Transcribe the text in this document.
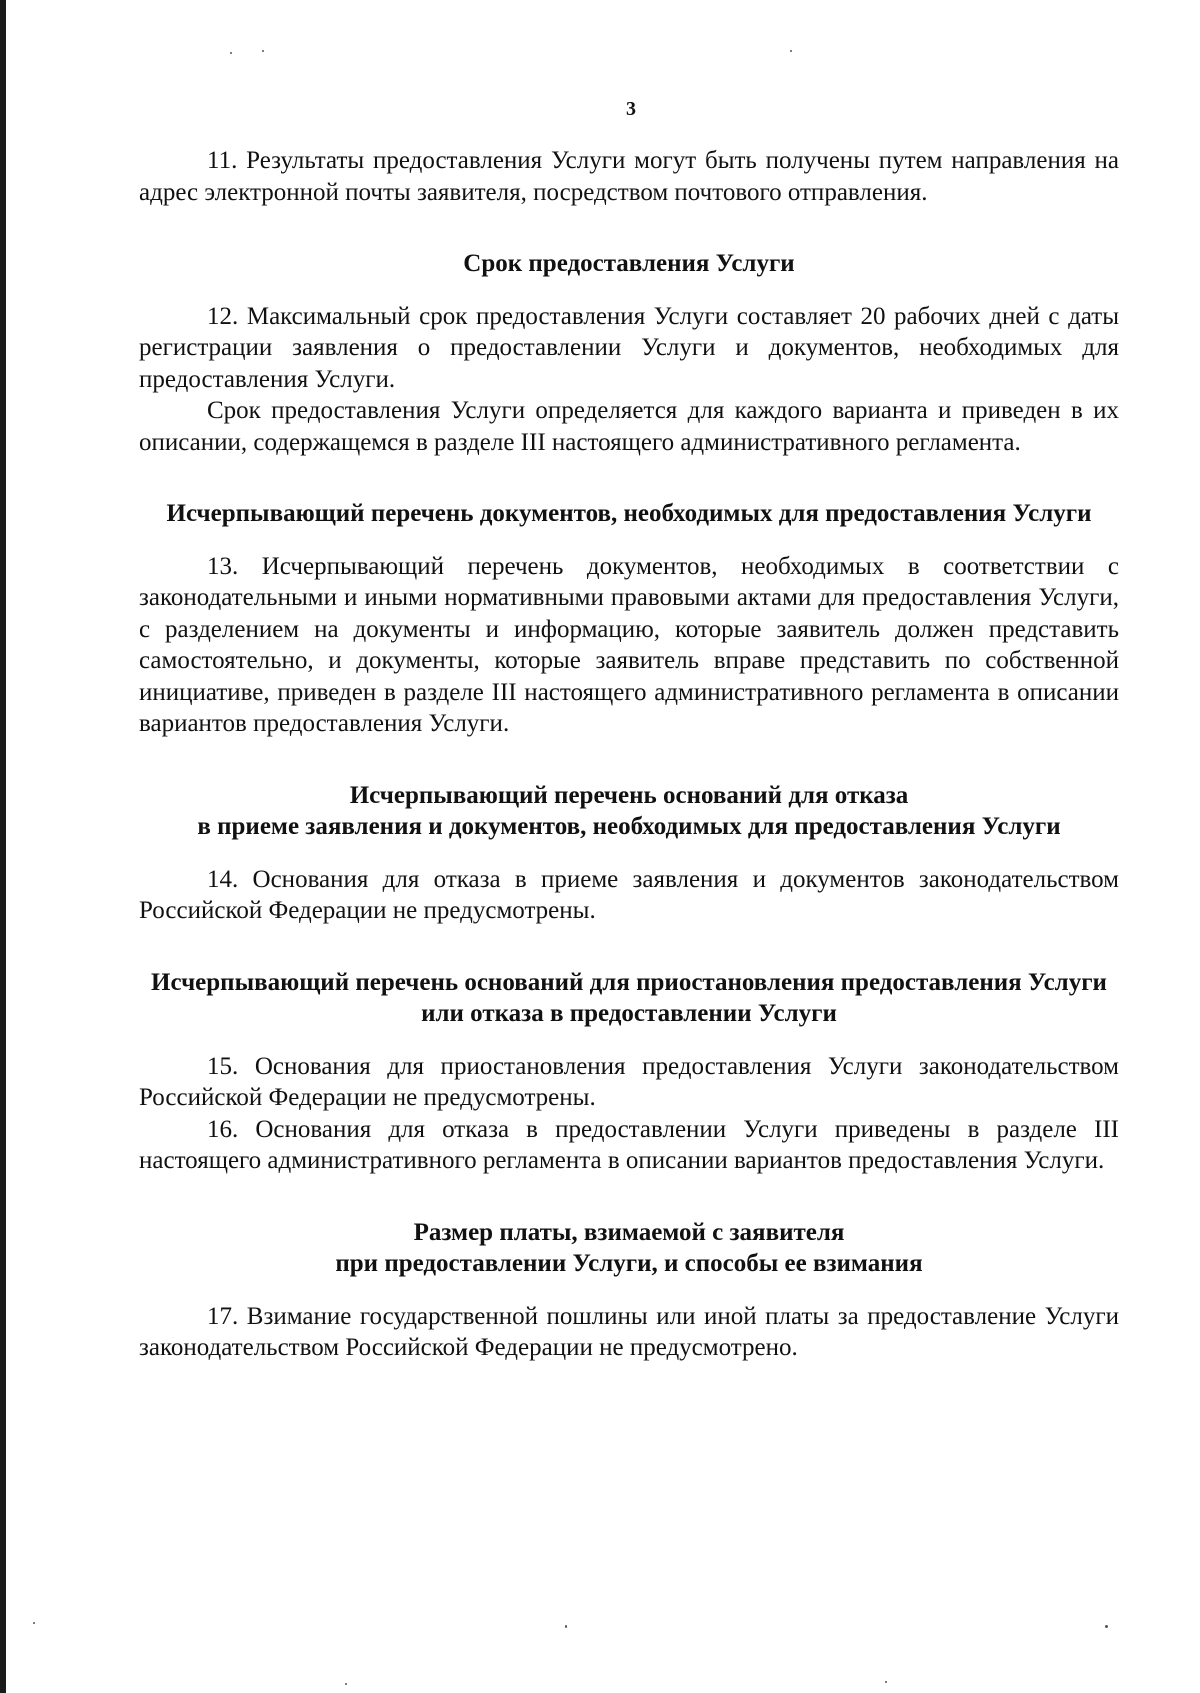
3

11. Результаты предоставления Услуги могут быть получены путем направления на адрес электронной почты заявителя, посредством почтового отправления.

Срок предоставления Услуги

12. Максимальный срок предоставления Услуги составляет 20 рабочих дней с даты регистрации заявления о предоставлении Услуги и документов, необходимых для предоставления Услуги.

Срок предоставления Услуги определяется для каждого варианта и приведен в их описании, содержащемся в разделе III настоящего административного регламента.

Исчерпывающий перечень документов, необходимых для предоставления Услуги

13. Исчерпывающий перечень документов, необходимых в соответствии с законодательными и иными нормативными правовыми актами для предоставления Услуги, с разделением на документы и информацию, которые заявитель должен представить самостоятельно, и документы, которые заявитель вправе представить по собственной инициативе, приведен в разделе III настоящего административного регламента в описании вариантов предоставления Услуги.

Исчерпывающий перечень оснований для отказа
в приеме заявления и документов, необходимых для предоставления Услуги

14. Основания для отказа в приеме заявления и документов законодательством Российской Федерации не предусмотрены.

Исчерпывающий перечень оснований для приостановления предоставления Услуги или отказа в предоставлении Услуги

15. Основания для приостановления предоставления Услуги законодательством Российской Федерации не предусмотрены.

16. Основания для отказа в предоставлении Услуги приведены в разделе III настоящего административного регламента в описании вариантов предоставления Услуги.

Размер платы, взимаемой с заявителя
при предоставлении Услуги, и способы ее взимания

17. Взимание государственной пошлины или иной платы за предоставление Услуги законодательством Российской Федерации не предусмотрено.
